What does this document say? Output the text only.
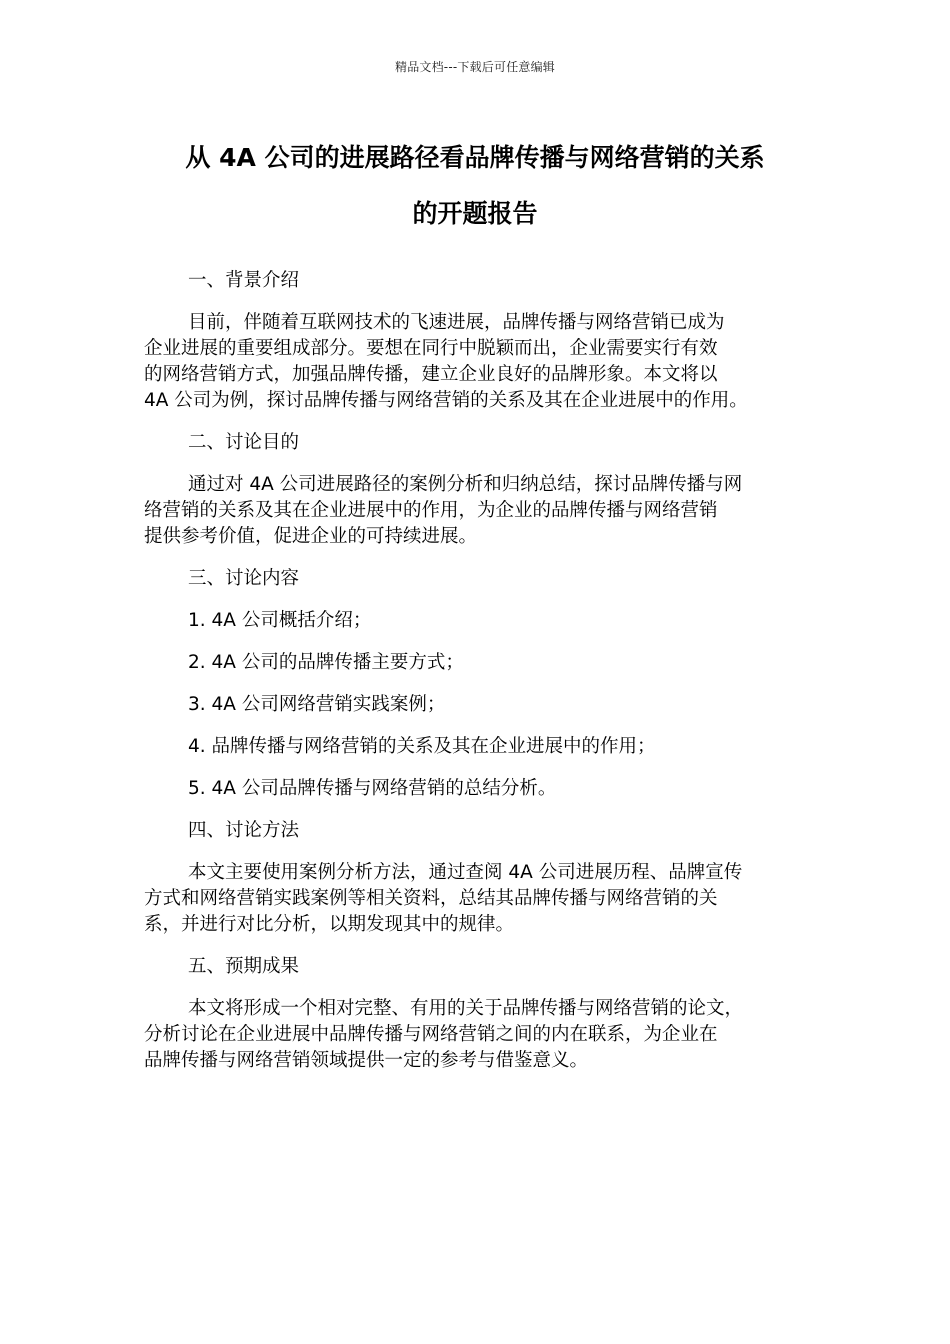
精品文档---下载后可任意编辑
从 4A 公司的进展路径看品牌传播与网络营销的关系
的开题报告
一、背景介绍
目前，伴随着互联网技术的飞速进展，品牌传播与网络营销已成为
企业进展的重要组成部分。要想在同行中脱颖而出，企业需要实行有效
的网络营销方式，加强品牌传播，建立企业良好的品牌形象。本文将以
4A 公司为例，探讨品牌传播与网络营销的关系及其在企业进展中的作用。
二、讨论目的
通过对 4A 公司进展路径的案例分析和归纳总结，探讨品牌传播与网
络营销的关系及其在企业进展中的作用，为企业的品牌传播与网络营销
提供参考价值，促进企业的可持续进展。
三、讨论内容
1. 4A 公司概括介绍；
2. 4A 公司的品牌传播主要方式；
3. 4A 公司网络营销实践案例；
4. 品牌传播与网络营销的关系及其在企业进展中的作用；
5. 4A 公司品牌传播与网络营销的总结分析。
四、讨论方法
本文主要使用案例分析方法，通过查阅 4A 公司进展历程、品牌宣传
方式和网络营销实践案例等相关资料，总结其品牌传播与网络营销的关
系，并进行对比分析，以期发现其中的规律。
五、预期成果
本文将形成一个相对完整、有用的关于品牌传播与网络营销的论文，
分析讨论在企业进展中品牌传播与网络营销之间的内在联系，为企业在
品牌传播与网络营销领域提供一定的参考与借鉴意义。
